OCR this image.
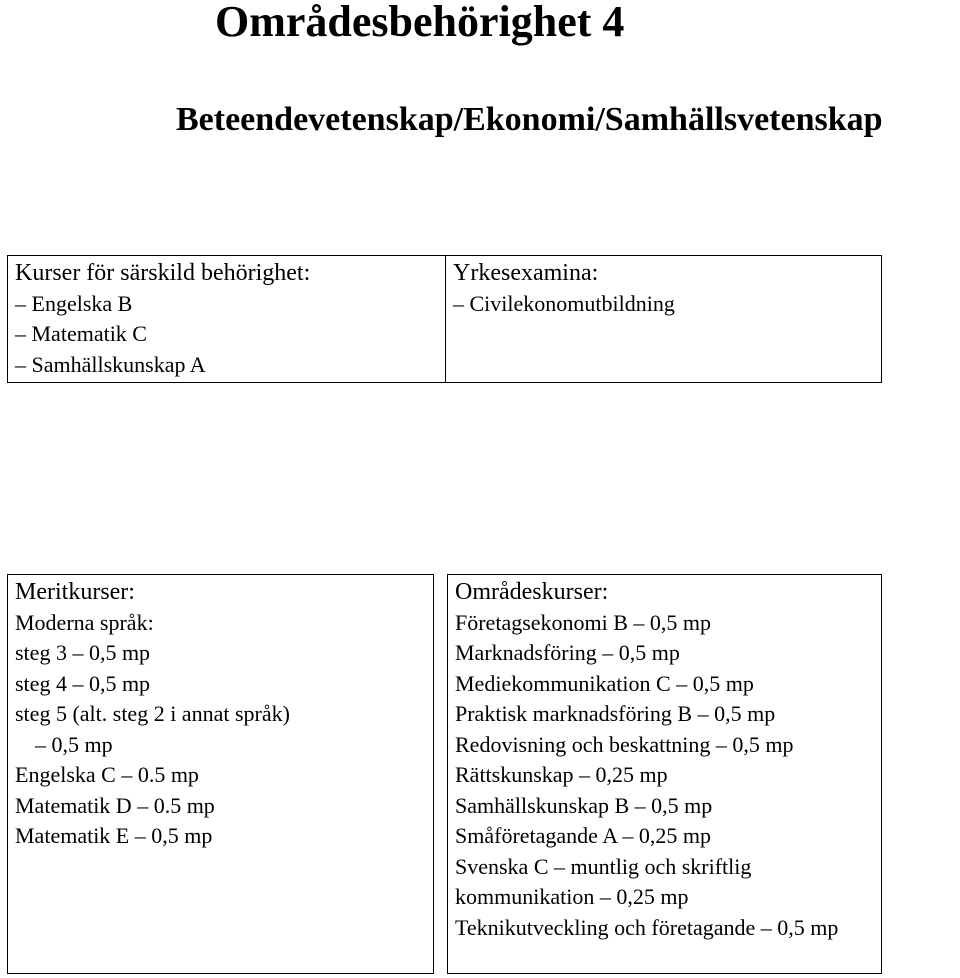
Områdesbehörighet 4
Beteendevetenskap/Ekonomi/Samhällsvetenskap
Kurser för särskild behörighet:
– Engelska B
– Matematik C
– Samhällskunskap A
Yrkesexamina:
– Civilekonomutbildning
Meritkurser:
Moderna språk:
steg 3 – 0,5 mp
steg 4 – 0,5 mp
steg 5 (alt. steg 2 i annat språk)
– 0,5 mp
Engelska C – 0.5 mp
Matematik D – 0.5 mp
Matematik E – 0,5 mp
Områdeskurser:
Företagsekonomi B – 0,5 mp
Marknadsföring – 0,5 mp
Mediekommunikation C – 0,5 mp
Praktisk marknadsföring B – 0,5 mp
Redovisning och beskattning – 0,5 mp
Rättskunskap – 0,25 mp
Samhällskunskap B – 0,5 mp
Småföretagande A – 0,25 mp
Svenska C – muntlig och skriftlig kommunikation – 0,25 mp
Teknikutveckling och företagande – 0,5 mp
